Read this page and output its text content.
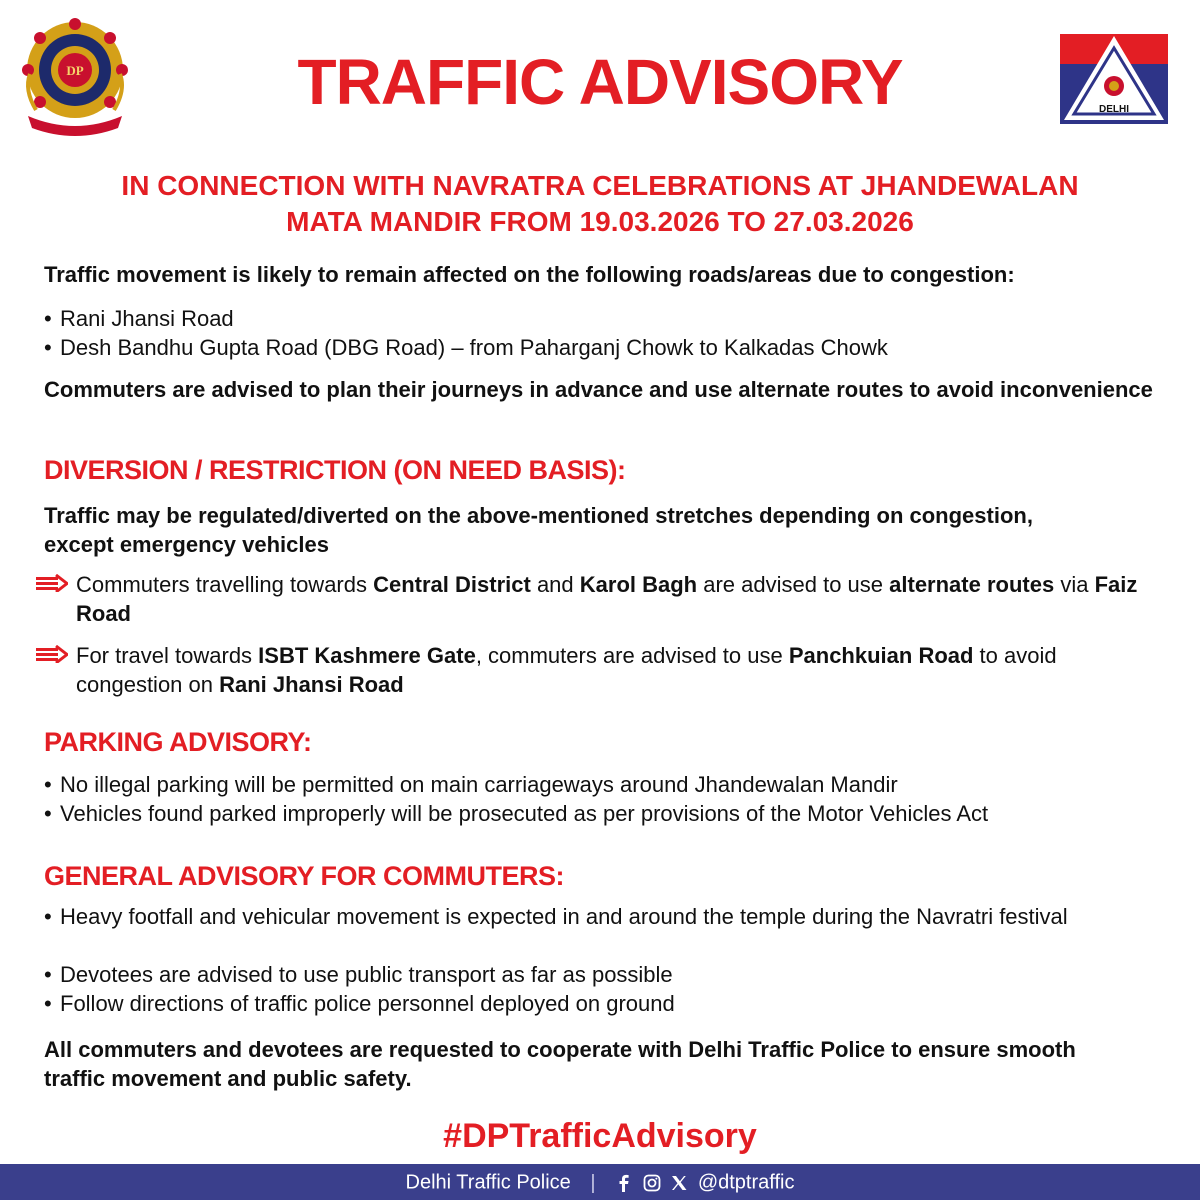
DP
DELHI
TRAFFIC ADVISORY
IN CONNECTION WITH NAVRATRA CELEBRATIONS AT JHANDEWALAN
MATA MANDIR FROM 19.03.2026 TO 27.03.2026
Traffic movement is likely to remain affected on the following roads/areas due to congestion:
• Rani Jhansi Road
• Desh Bandhu Gupta Road (DBG Road) – from Paharganj Chowk to Kalkadas Chowk
Commuters are advised to plan their journeys in advance and use alternate routes to avoid inconvenience
DIVERSION / RESTRICTION (ON NEED BASIS):
Traffic may be regulated/diverted on the above-mentioned stretches depending on congestion, except emergency vehicles
Commuters travelling towards Central District and Karol Bagh are advised to use alternate routes via Faiz Road
For travel towards ISBT Kashmere Gate, commuters are advised to use Panchkuian Road to avoid congestion on Rani Jhansi Road
PARKING ADVISORY:
• No illegal parking will be permitted on main carriageways around Jhandewalan Mandir
• Vehicles found parked improperly will be prosecuted as per provisions of the Motor Vehicles Act
GENERAL ADVISORY FOR COMMUTERS:
• Heavy footfall and vehicular movement is expected in and around the temple during the Navratri festival
• Devotees are advised to use public transport as far as possible
• Follow directions of traffic police personnel deployed on ground
All commuters and devotees are requested to cooperate with Delhi Traffic Police to ensure smooth traffic movement and public safety.
#DPTrafficAdvisory
Delhi Traffic Police |	@dtptraffic
